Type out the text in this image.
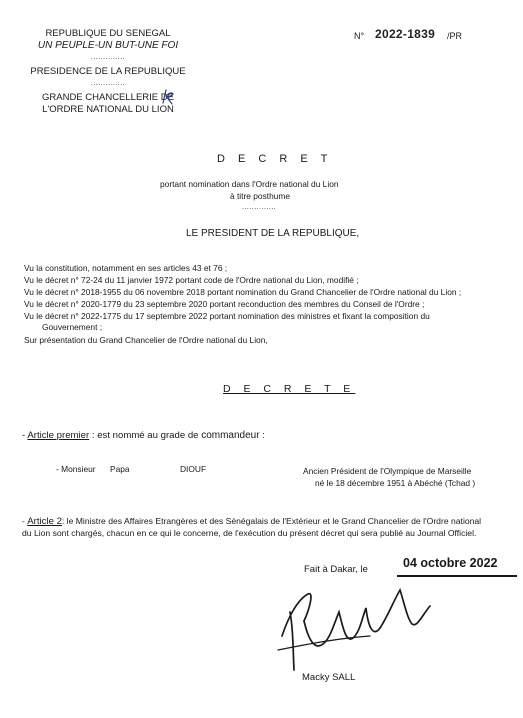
REPUBLIQUE DU SENEGAL
UN PEUPLE-UN BUT-UNE FOI
..............
PRESIDENCE DE LA REPUBLIQUE
..............
GRANDE CHANCELLERIE DE
L'ORDRE NATIONAL DU LION
N° 2022-1839 /PR
D E C R E T
portant nomination dans l'Ordre national du Lion
à titre posthume
..............
LE PRESIDENT DE LA REPUBLIQUE,
Vu la constitution, notamment en ses articles 43 et 76 ;
Vu le décret n° 72-24 du 11 janvier 1972 portant code de l'Ordre national du Lion, modifié ;
Vu le décret n° 2018-1955 du 06 novembre 2018 portant nomination du Grand Chancelier de l'Ordre national du Lion ;
Vu le décret n° 2020-1779 du 23 septembre 2020 portant reconduction des membres du Conseil de l'Ordre ;
Vu le décret n° 2022-1775 du 17 septembre 2022 portant nomination des ministres et fixant la composition du
Gouvernement ;
Sur présentation du Grand Chancelier de l'Ordre national du Lion,
D E C R E T E
- Article premier : est nommé au grade de commandeur :
- Monsieur Papa	DIOUF	Ancien Président de l'Olympique de Marseille
né le 18 décembre 1951 à Abéché (Tchad )
- Article 2: le Ministre des Affaires Etrangères et des Sénégalais de l'Extérieur et le Grand Chancelier de l'Ordre national
du Lion sont chargés, chacun en ce qui le concerne, de l'exécution du présent décret qui sera publié au Journal Officiel.
Fait à Dakar, le	04 octobre 2022
Macky SALL
